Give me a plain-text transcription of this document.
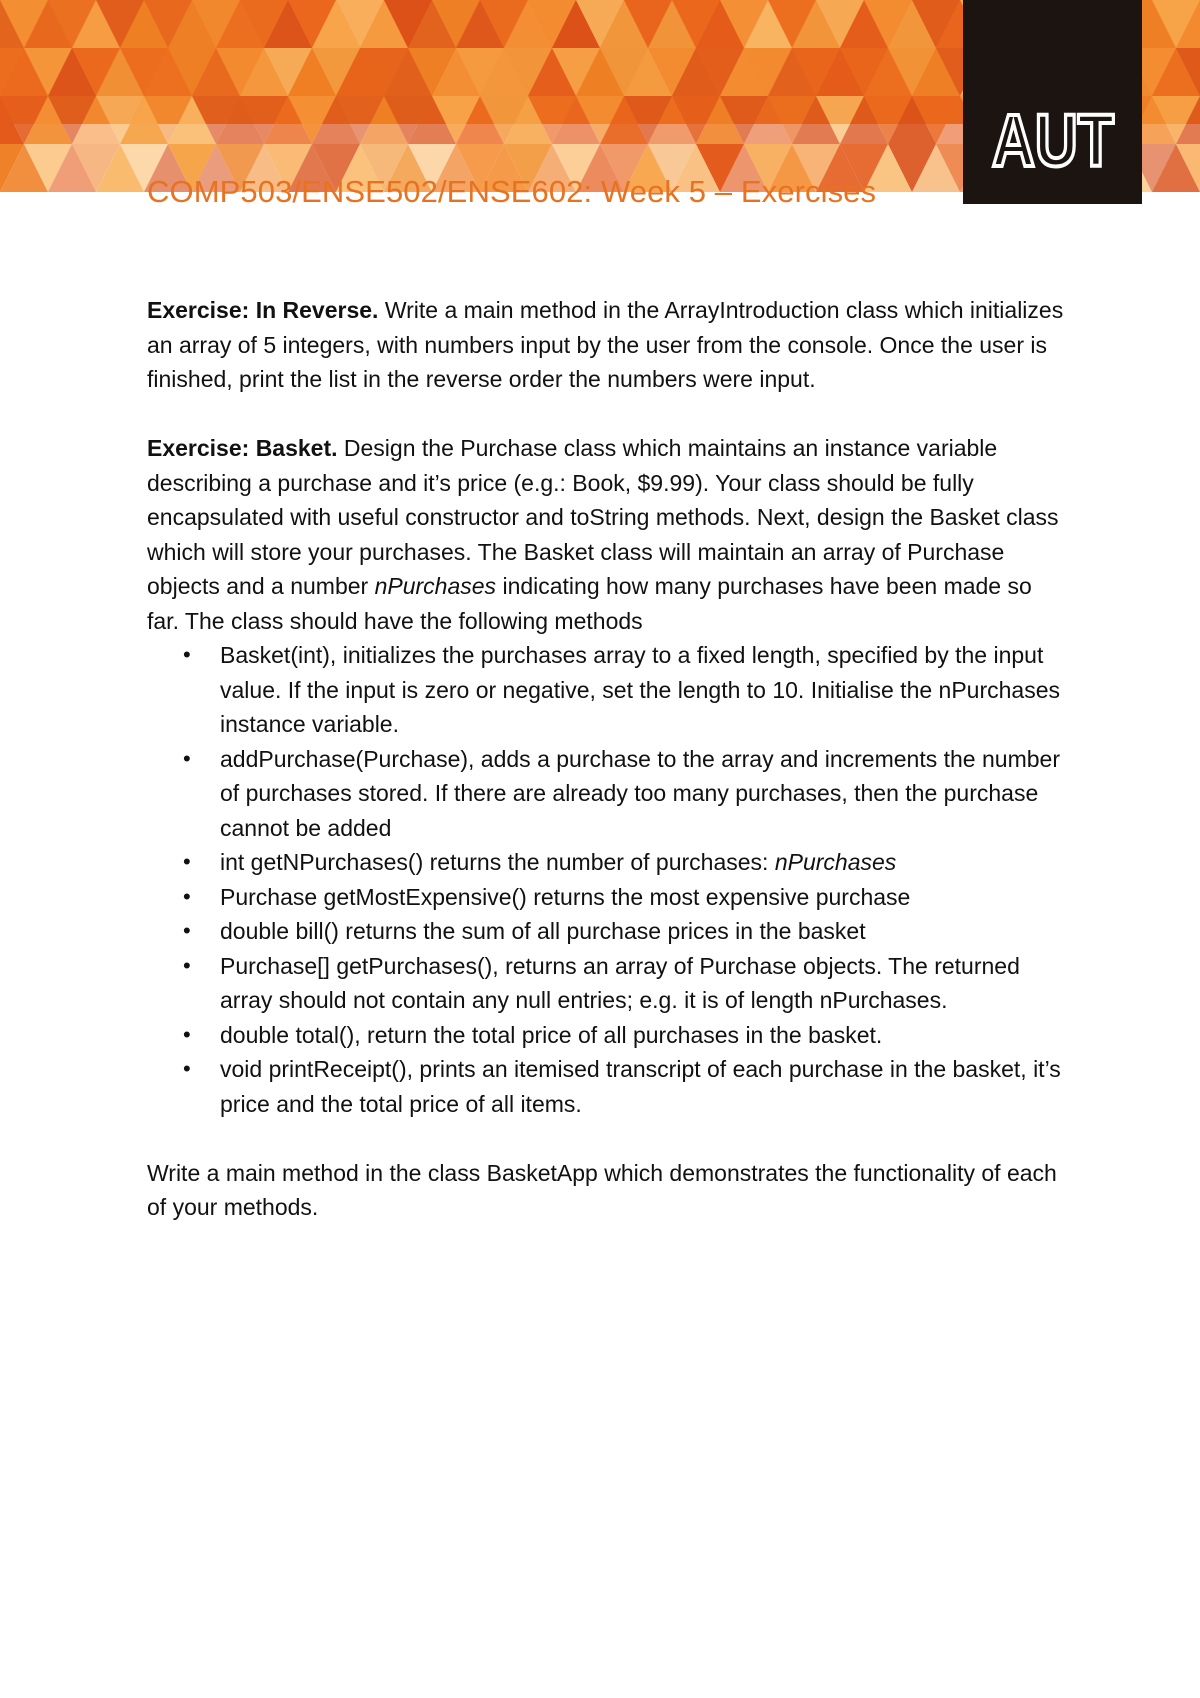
AUT
COMP503/ENSE502/ENSE602: Week 5 – Exercises

Exercise: In Reverse. Write a main method in the ArrayIntroduction class which initializes an array of 5 integers, with numbers input by the user from the console. Once the user is finished, print the list in the reverse order the numbers were input.

Exercise: Basket. Design the Purchase class which maintains an instance variable describing a purchase and it’s price (e.g.: Book, $9.99). Your class should be fully encapsulated with useful constructor and toString methods. Next, design the Basket class which will store your purchases. The Basket class will maintain an array of Purchase objects and a number nPurchases indicating how many purchases have been made so far. The class should have the following methods

• Basket(int), initializes the purchases array to a fixed length, specified by the input value. If the input is zero or negative, set the length to 10. Initialise the nPurchases instance variable.
• addPurchase(Purchase), adds a purchase to the array and increments the number of purchases stored. If there are already too many purchases, then the purchase cannot be added
• int getNPurchases() returns the number of purchases: nPurchases
• Purchase getMostExpensive() returns the most expensive purchase
• double bill() returns the sum of all purchase prices in the basket
• Purchase[] getPurchases(), returns an array of Purchase objects. The returned array should not contain any null entries; e.g. it is of length nPurchases.
• double total(), return the total price of all purchases in the basket.
• void printReceipt(), prints an itemised transcript of each purchase in the basket, it’s price and the total price of all items.

Write a main method in the class BasketApp which demonstrates the functionality of each of your methods.
